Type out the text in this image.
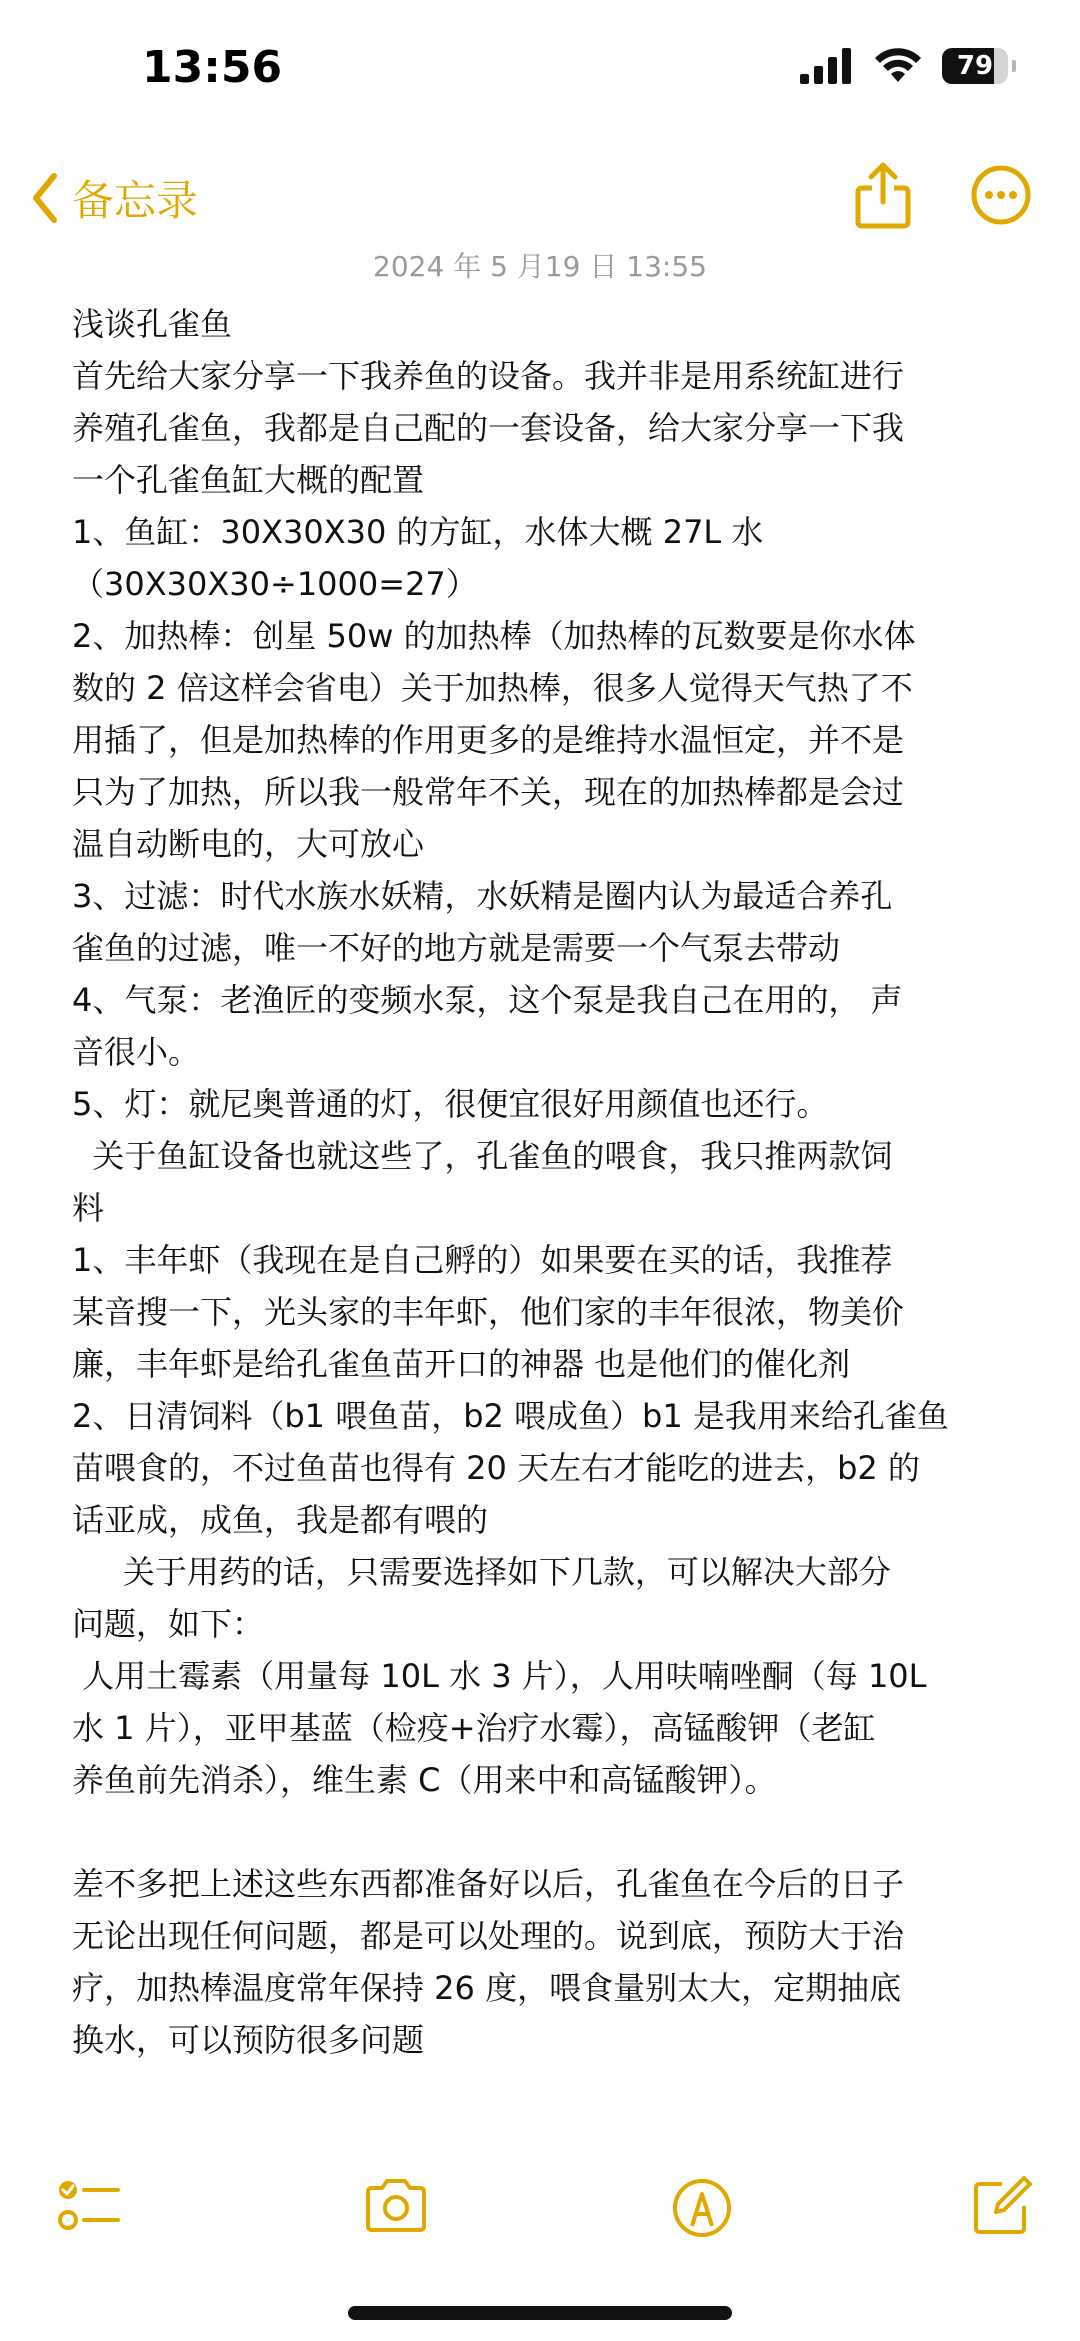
13:56	79
备忘录
2024 年 5 月19 日 13:55
浅谈孔雀鱼
首先给大家分享一下我养鱼的设备。我并非是用系统缸进行
养殖孔雀鱼，我都是自己配的一套设备，给大家分享一下我
一个孔雀鱼缸大概的配置
1、鱼缸：30X30X30 的方缸，水体大概 27L 水
（30X30X30÷1000=27）
2、加热棒：创星 50w 的加热棒（加热棒的瓦数要是你水体
数的 2 倍这样会省电）关于加热棒，很多人觉得天气热了不
用插了，但是加热棒的作用更多的是维持水温恒定，并不是
只为了加热，所以我一般常年不关，现在的加热棒都是会过
温自动断电的，大可放心
3、过滤：时代水族水妖精，水妖精是圈内认为最适合养孔
雀鱼的过滤，唯一不好的地方就是需要一个气泵去带动
4、气泵：老渔匠的变频水泵，这个泵是我自己在用的， 声
音很小。
5、灯：就尼奥普通的灯，很便宜很好用颜值也还行。
关于鱼缸设备也就这些了，孔雀鱼的喂食，我只推两款饲
料
1、丰年虾（我现在是自己孵的）如果要在买的话，我推荐
某音搜一下，光头家的丰年虾，他们家的丰年很浓，物美价
廉，丰年虾是给孔雀鱼苗开口的神器 也是他们的催化剂
2、日清饲料（b1 喂鱼苗，b2 喂成鱼）b1 是我用来给孔雀鱼
苗喂食的，不过鱼苗也得有 20 天左右才能吃的进去，b2 的
话亚成，成鱼，我是都有喂的
关于用药的话，只需要选择如下几款，可以解决大部分
问题，如下：
人用土霉素（用量每 10L 水 3 片），人用呋喃唑酮（每 10L
水 1 片），亚甲基蓝（检疫+治疗水霉），高锰酸钾（老缸
养鱼前先消杀），维生素 C（用来中和高锰酸钾）。
差不多把上述这些东西都准备好以后，孔雀鱼在今后的日子
无论出现任何问题，都是可以处理的。说到底，预防大于治
疗，加热棒温度常年保持 26 度，喂食量别太大，定期抽底
换水，可以预防很多问题
